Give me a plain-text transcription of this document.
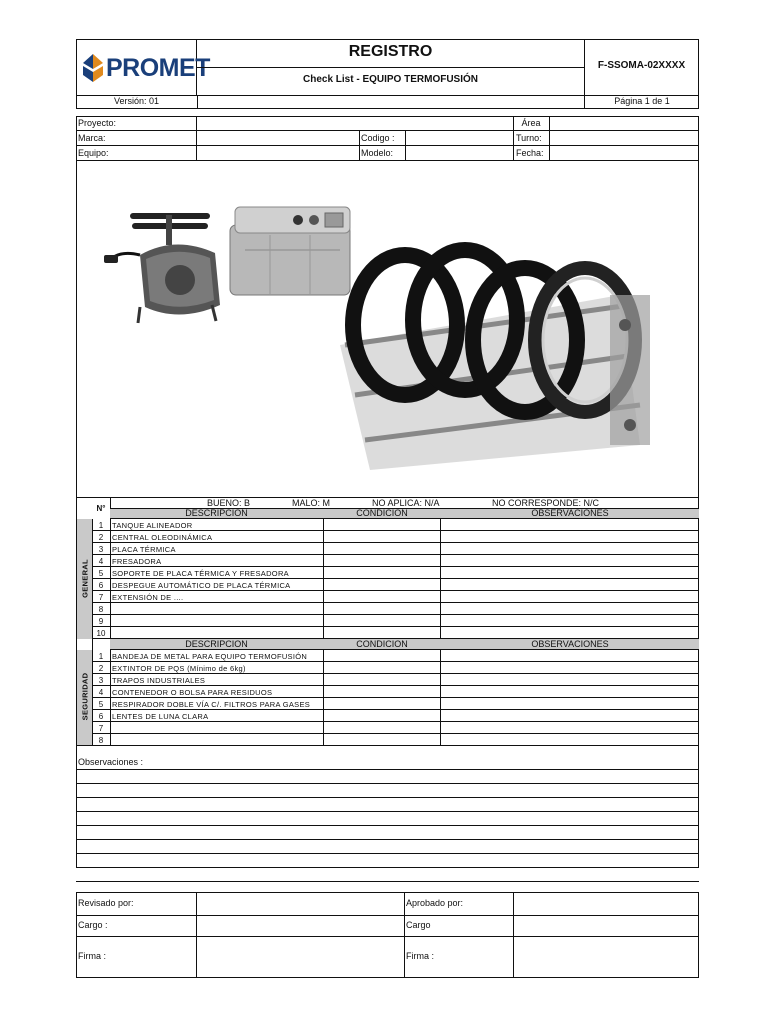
PROMET
REGISTRO
Check List - EQUIPO TERMOFUSIÓN
F-SSOMA-02XXXX
Versión: 01	Página 1 de 1
Proyecto:	Área
Marca:	Codigo :	Turno:
Equipo:	Modelo:	Fecha:
N°
BUENO: B	MALO: M	NO APLICA: N/A	NO CORRESPONDE: N/C
DESCRIPCION	CONDICION	OBSERVACIONES
GENERAL
1	TANQUE ALINEADOR
2	CENTRAL OLEODINÁMICA
3	PLACA TÉRMICA
4	FRESADORA
5	SOPORTE DE PLACA TÉRMICA Y FRESADORA
6	DESPEGUE AUTOMÁTICO DE PLACA TÉRMICA
7	EXTENSIÓN DE ....
8
9
10
DESCRIPCION	CONDICION	OBSERVACIONES
SEGURIDAD
1	BANDEJA DE METAL PARA EQUIPO TERMOFUSIÓN
2	EXTINTOR DE PQS (Mínimo de 6kg)
3	TRAPOS INDUSTRIALES
4	CONTENEDOR O BOLSA PARA RESIDUOS
5	RESPIRADOR DOBLE VÍA C/. FILTROS PARA GASES
6	LENTES DE LUNA CLARA
7
8
Observaciones :
Revisado por:	Aprobado por:
Cargo :	Cargo
Firma :	Firma :
